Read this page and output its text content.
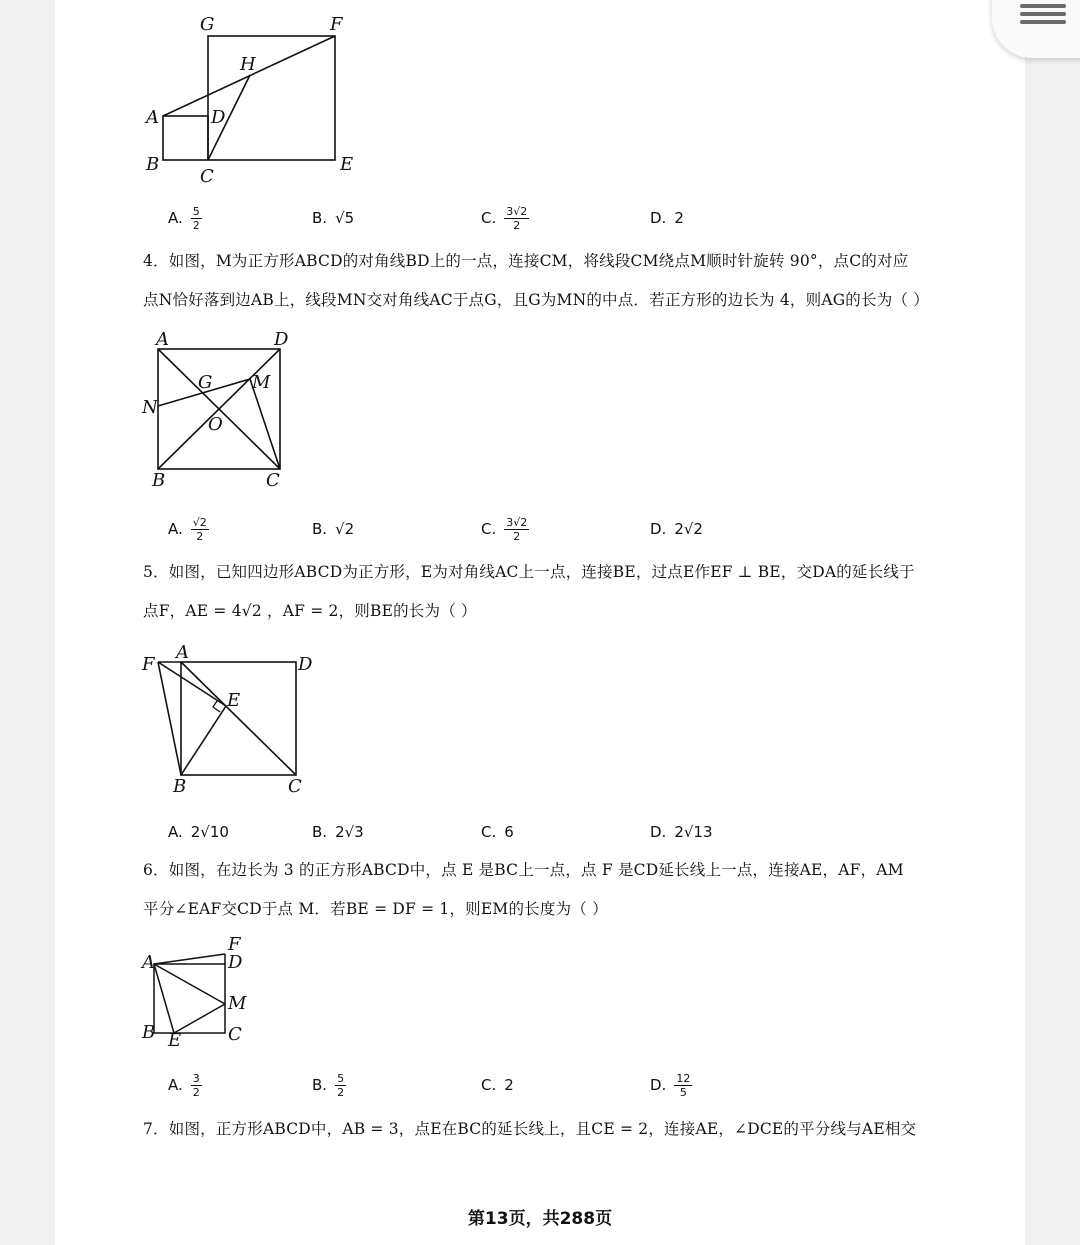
G	F
H
A	D
B
C
E
A. $\frac{5}{2}$	B. √5	C. $\frac{3√2}{2}$	D. 2
4．如图，M为正方形ABCD的对角线BD上的一点，连接CM，将线段CM绕点M顺时针旋转 90°，点C的对应
点N恰好落到边AB上，线段MN交对角线AC于点G，且G为MN的中点．若正方形的边长为 4，则AG的长为（ ）
A	D
G M
N
O
B	C
A. $\frac{√2}{2}$	B. √2	C. $\frac{3√2}{2}$	D. 2√2
5．如图，已知四边形ABCD为正方形，E为对角线AC上一点，连接BE，过点E作EF ⊥ BE，交DA的延长线于
点F，AE = 4√2 ，AF = 2，则BE的长为（ ）
F
A
D
E
B	C
A. 2√10	B. 2√3	C. 6	D. 2√13
6．如图，在边长为 3 的正方形ABCD中，点 E 是BC上一点，点 F 是CD延长线上一点，连接AE，AF，AM
平分∠EAF交CD于点 M．若BE = DF = 1，则EM的长度为（ ）
F
A	D
M
B E	C
A. $\frac{3}{2}$	B. $\frac{5}{2}$	C. 2	D. $\frac{12}{5}$
7．如图，正方形ABCD中，AB = 3，点E在BC的延长线上，且CE = 2，连接AE，∠DCE的平分线与AE相交
第13页，共288页
